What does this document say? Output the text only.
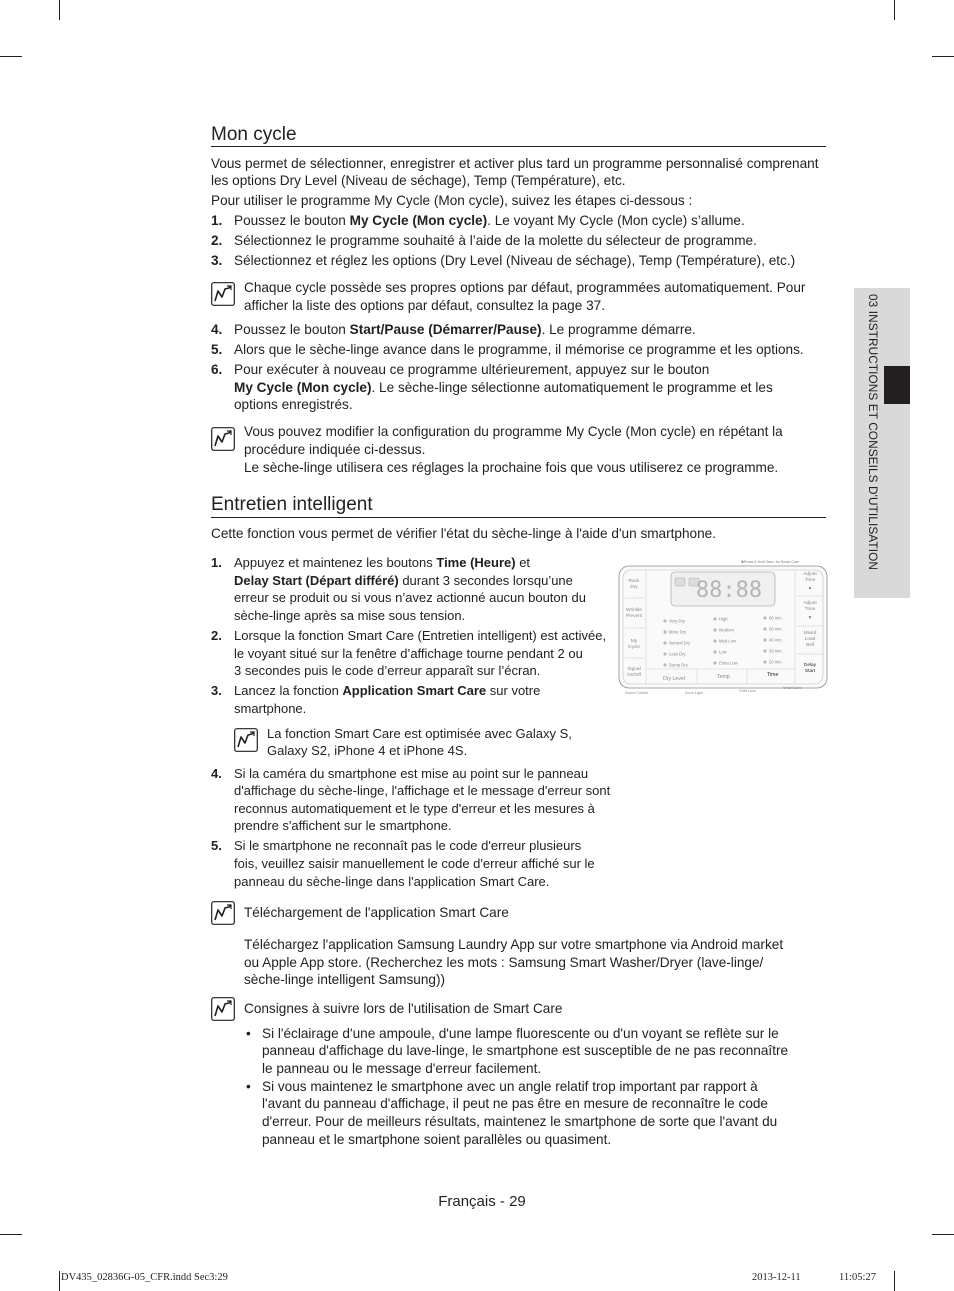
03 INSTRUCTIONS ET CONSEILS D'UTILISATION
Mon cycle
Vous permet de sélectionner, enregistrer et activer plus tard un programme personnalisé comprenant
les options Dry Level (Niveau de séchage), Temp (Température), etc.
Pour utiliser le programme My Cycle (Mon cycle), suivez les étapes ci-dessous :
1. Poussez le bouton My Cycle (Mon cycle). Le voyant My Cycle (Mon cycle) s’allume.
2. Sélectionnez le programme souhaité à l’aide de la molette du sélecteur de programme.
3. Sélectionnez et réglez les options (Dry Level (Niveau de séchage), Temp (Température), etc.)
Chaque cycle possède ses propres options par défaut, programmées automatiquement. Pour
afficher la liste des options par défaut, consultez la page 37.
4. Poussez le bouton Start/Pause (Démarrer/Pause). Le programme démarre.
5. Alors que le sèche-linge avance dans le programme, il mémorise ce programme et les options.
6. Pour exécuter à nouveau ce programme ultérieurement, appuyez sur le bouton
My Cycle (Mon cycle). Le sèche-linge sélectionne automatiquement le programme et les
options enregistrés.
Vous pouvez modifier la configuration du programme My Cycle (Mon cycle) en répétant la
procédure indiquée ci-dessus.
Le sèche-linge utilisera ces réglages la prochaine fois que vous utiliserez ce programme.
Entretien intelligent
Cette fonction vous permet de vérifier l'état du sèche-linge à l'aide d'un smartphone.
1. Appuyez et maintenez les boutons Time (Heure) et
Delay Start (Départ différé) durant 3 secondes lorsqu’une
erreur se produit ou si vous n’avez actionné aucun bouton du
sèche-linge après sa mise sous tension.
2. Lorsque la fonction Smart Care (Entretien intelligent) est activée,
le voyant situé sur la fenêtre d’affichage tourne pendant 2 ou
3 secondes puis le code d’erreur apparaît sur l’écran.
3. Lancez la fonction Application Smart Care sur votre
smartphone.
La fonction Smart Care est optimisée avec Galaxy S,
Galaxy S2, iPhone 4 et iPhone 4S.
4. Si la caméra du smartphone est mise au point sur le panneau
d'affichage du sèche-linge, l'affichage et le message d'erreur sont
reconnus automatiquement et le type d'erreur et les mesures à
prendre s'affichent sur le smartphone.
5. Si le smartphone ne reconnaît pas le code d'erreur plusieurs
fois, veuillez saisir manuellement le code d'erreur affiché sur le
panneau du sèche-linge dans l'application Smart Care.
Téléchargement de l'application Smart Care
Téléchargez l'application Samsung Laundry App sur votre smartphone via Android market
ou Apple App store. (Recherchez les mots : Samsung Smart Washer/Dryer (lave-linge/
sèche-linge intelligent Samsung))
Consignes à suivre lors de l'utilisation de Smart Care
• Si l'éclairage d'une ampoule, d'une lampe fluorescente ou d'un voyant se reflète sur le
panneau d'affichage du lave-linge, le smartphone est susceptible de ne pas reconnaître
le panneau ou le message d'erreur facilement.
• Si vous maintenez le smartphone avec un angle relatif trop important par rapport à
l'avant du panneau d'affichage, il peut ne pas être en mesure de reconnaître le code
d'erreur. Pour de meilleurs résultats, maintenez le smartphone de sorte que l'avant du
panneau et le smartphone soient parallèles ou quasiment.
✱Press & Hold 3sec. for Smart Care
Rack
Dry
Wrinkle
Prevent
My
Cycle
Signal
On/Off
88:88
Very Dry
More Dry
Normal Dry
Less Dry
Damp Dry
High
Medium
Med Low
Low
Extra Low
60 min.
50 min.
40 min.
30 min.
20 min.
Dry Level	Temp.	Time
Adjust
Time
▲
Adjust
Time
▼
Mixed
Load
Bell
Delay
Start
Sound Control	Drum Light	Child Lock
Smart Care
Français - 29
DV435_02836G-05_CFR.indd Sec3:29	2013-12-11	11:05:27
